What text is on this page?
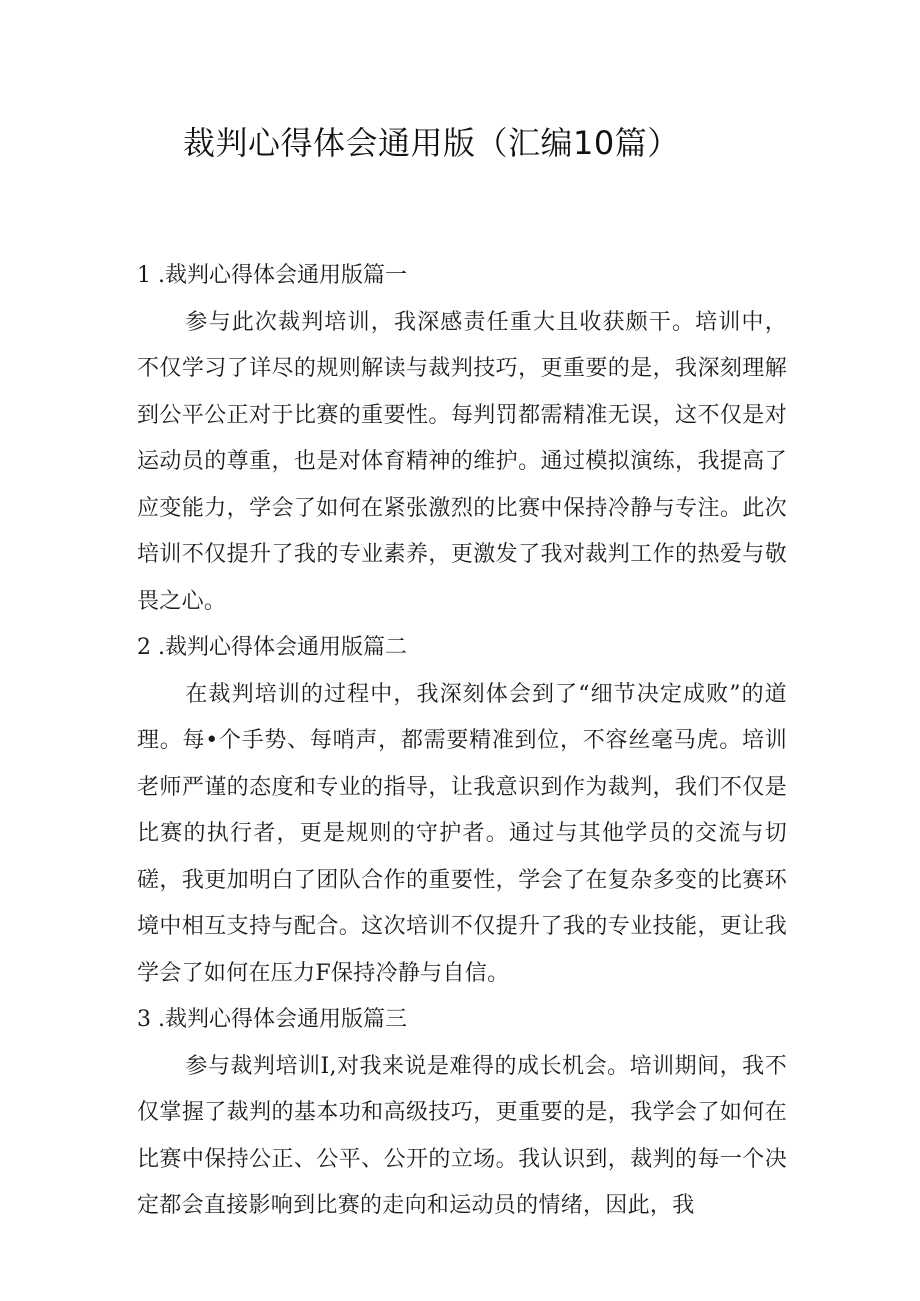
裁判心得体会通用版（汇编10篇）
1 .裁判心得体会通用版篇一

参与此次裁判培训，我深感责任重大且收获颇干。培训中，不仅学习了详尽的规则解读与裁判技巧，更重要的是，我深刻理解到公平公正对于比赛的重要性。每判罚都需精准无误，这不仅是对运动员的尊重，也是对体育精神的维护。通过模拟演练，我提高了应变能力，学会了如何在紧张激烈的比赛中保持冷静与专注。此次培训不仅提升了我的专业素养，更激发了我对裁判工作的热爱与敬畏之心。

2 .裁判心得体会通用版篇二

在裁判培训的过程中，我深刻体会到了“细节决定成败”的道理。每•个手势、每哨声，都需要精准到位，不容丝毫马虎。培训老师严谨的态度和专业的指导，让我意识到作为裁判，我们不仅是比赛的执行者，更是规则的守护者。通过与其他学员的交流与切磋，我更加明白了团队合作的重要性，学会了在复杂多变的比赛环境中相互支持与配合。这次培训不仅提升了我的专业技能，更让我学会了如何在压力F保持冷静与自信。

3 .裁判心得体会通用版篇三

参与裁判培训I,对我来说是难得的成长机会。培训期间，我不仅掌握了裁判的基本功和高级技巧，更重要的是，我学会了如何在比赛中保持公正、公平、公开的立场。我认识到，裁判的每一个决定都会直接影响到比赛的走向和运动员的情绪，因此，我
